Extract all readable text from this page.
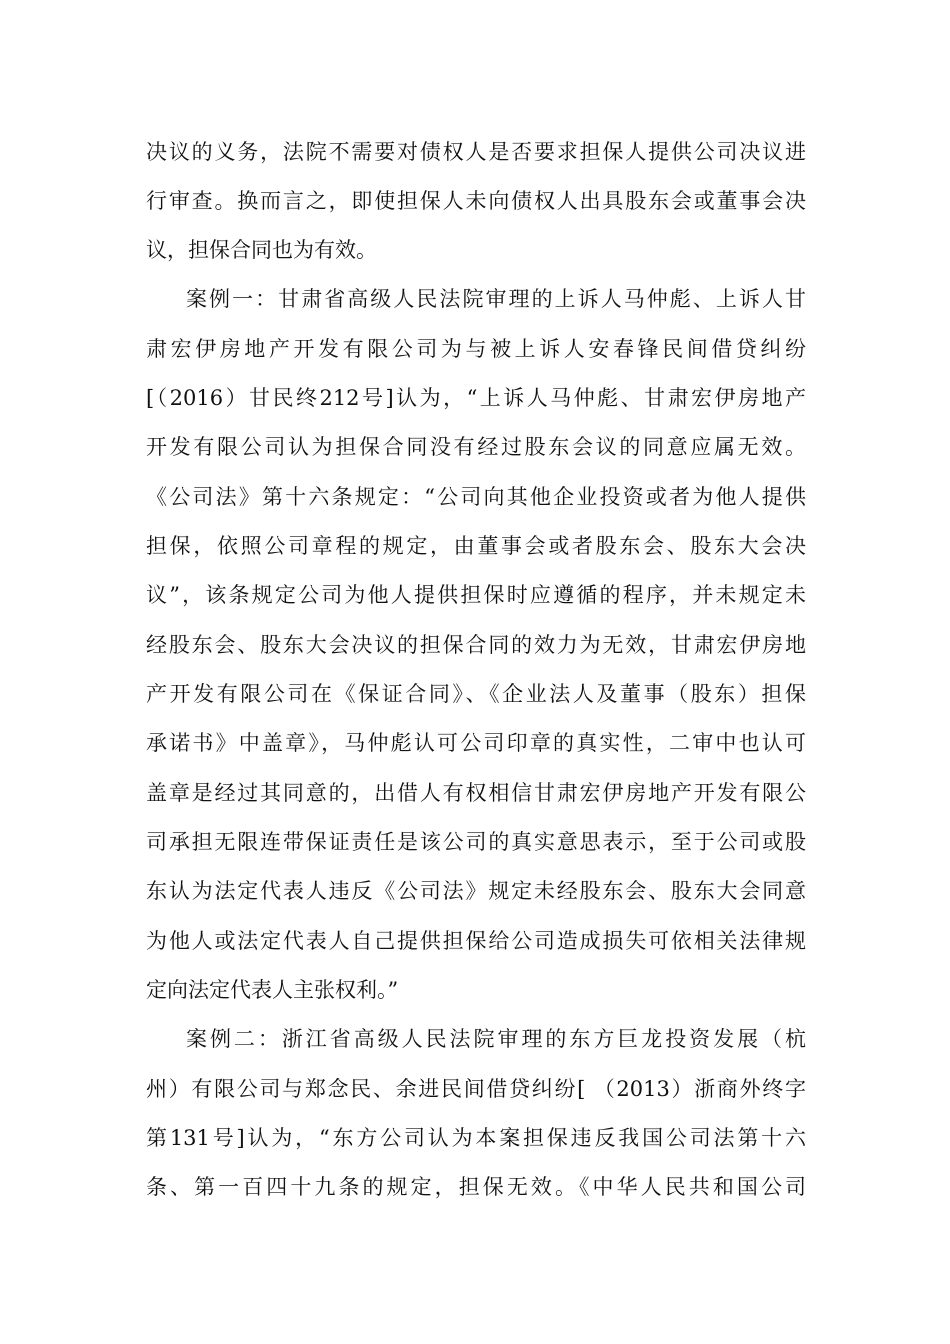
决议的义务，法院不需要对债权人是否要求担保人提供公司决议进
行审查。换而言之，即使担保人未向债权人出具股东会或董事会决
议，担保合同也为有效。
案例一：甘肃省高级人民法院审理的上诉人马仲彪、上诉人甘
肃宏伊房地产开发有限公司为与被上诉人安春锋民间借贷纠纷
[（2016）甘民终212号]认为，“上诉人马仲彪、甘肃宏伊房地产
开发有限公司认为担保合同没有经过股东会议的同意应属无效。
《公司法》第十六条规定：“公司向其他企业投资或者为他人提供
担保，依照公司章程的规定，由董事会或者股东会、股东大会决
议”，该条规定公司为他人提供担保时应遵循的程序，并未规定未
经股东会、股东大会决议的担保合同的效力为无效，甘肃宏伊房地
产开发有限公司在《保证合同》、《企业法人及董事（股东）担保
承诺书》中盖章》，马仲彪认可公司印章的真实性，二审中也认可
盖章是经过其同意的，出借人有权相信甘肃宏伊房地产开发有限公
司承担无限连带保证责任是该公司的真实意思表示，至于公司或股
东认为法定代表人违反《公司法》规定未经股东会、股东大会同意
为他人或法定代表人自己提供担保给公司造成损失可依相关法律规
定向法定代表人主张权利。”
案例二：浙江省高级人民法院审理的东方巨龙投资发展（杭
州）有限公司与郑念民、余进民间借贷纠纷[ （2013）浙商外终字
第131号]认为，“东方公司认为本案担保违反我国公司法第十六
条、第一百四十九条的规定，担保无效。《中华人民共和国公司
